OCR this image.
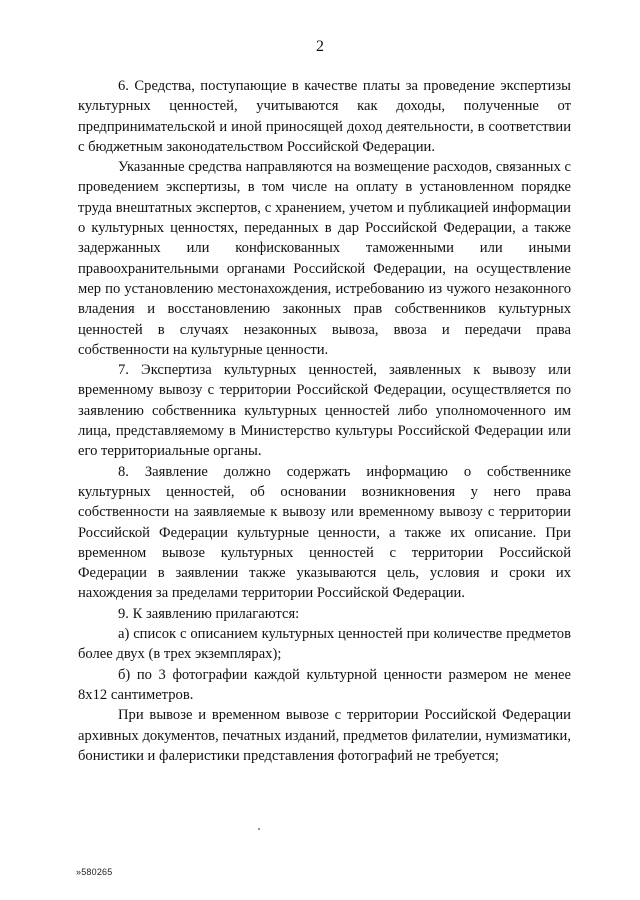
2

6. Средства, поступающие в качестве платы за проведение экспертизы культурных ценностей, учитываются как доходы, полученные от предпринимательской и иной приносящей доход деятельности, в соответствии с бюджетным законодательством Российской Федерации.

Указанные средства направляются на возмещение расходов, связанных с проведением экспертизы, в том числе на оплату в установленном порядке труда внештатных экспертов, с хранением, учетом и публикацией информации о культурных ценностях, переданных в дар Российской Федерации, а также задержанных или конфискованных таможенными или иными правоохранительными органами Российской Федерации, на осуществление мер по установлению местонахождения, истребованию из чужого незаконного владения и восстановлению законных прав собственников культурных ценностей в случаях незаконных вывоза, ввоза и передачи права собственности на культурные ценности.

7. Экспертиза культурных ценностей, заявленных к вывозу или временному вывозу с территории Российской Федерации, осуществляется по заявлению собственника культурных ценностей либо уполномоченного им лица, представляемому в Министерство культуры Российской Федерации или его территориальные органы.

8. Заявление должно содержать информацию о собственнике культурных ценностей, об основании возникновения у него права собственности на заявляемые к вывозу или временному вывозу с территории Российской Федерации культурные ценности, а также их описание. При временном вывозе культурных ценностей с территории Российской Федерации в заявлении также указываются цель, условия и сроки их нахождения за пределами территории Российской Федерации.

9. К заявлению прилагаются:

а) список с описанием культурных ценностей при количестве предметов более двух (в трех экземплярах);

б) по 3 фотографии каждой культурной ценности размером не менее 8x12 сантиметров.

При вывозе и временном вывозе с территории Российской Федерации архивных документов, печатных изданий, предметов филателии, нумизматики, бонистики и фалеристики представления фотографий не требуется;

»580265
